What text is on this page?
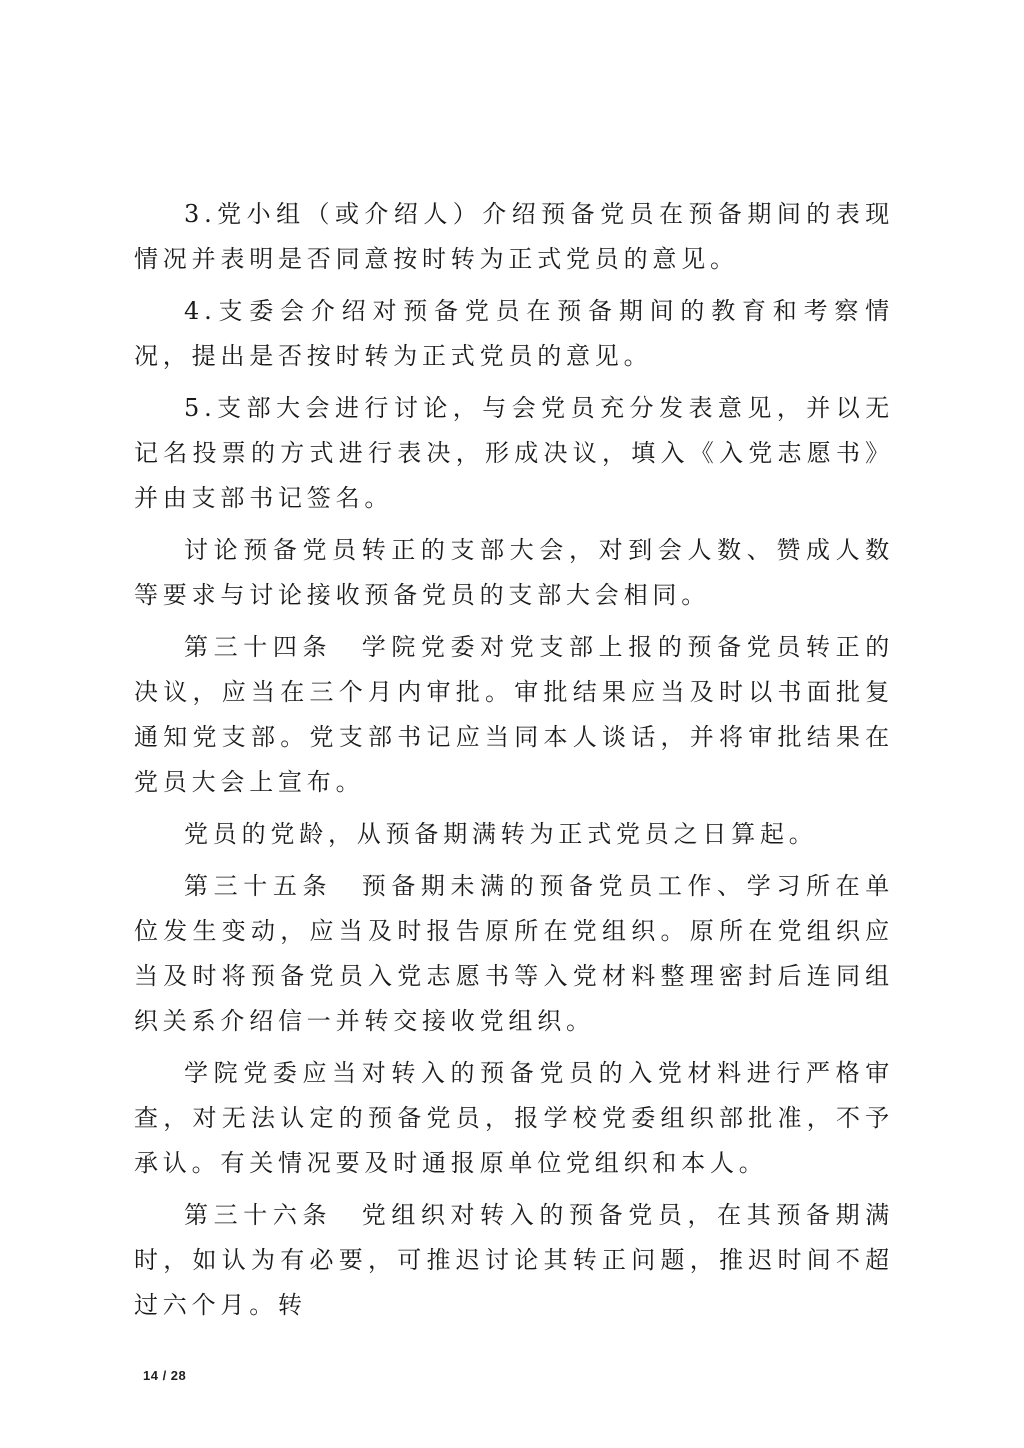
3.党小组（或介绍人）介绍预备党员在预备期间的表现情况并表明是否同意按时转为正式党员的意见。

4.支委会介绍对预备党员在预备期间的教育和考察情况，提出是否按时转为正式党员的意见。

5.支部大会进行讨论，与会党员充分发表意见，并以无记名投票的方式进行表决，形成决议，填入《入党志愿书》并由支部书记签名。

讨论预备党员转正的支部大会，对到会人数、赞成人数等要求与讨论接收预备党员的支部大会相同。

第三十四条　学院党委对党支部上报的预备党员转正的决议，应当在三个月内审批。审批结果应当及时以书面批复通知党支部。党支部书记应当同本人谈话，并将审批结果在党员大会上宣布。

党员的党龄，从预备期满转为正式党员之日算起。

第三十五条　预备期未满的预备党员工作、学习所在单位发生变动，应当及时报告原所在党组织。原所在党组织应当及时将预备党员入党志愿书等入党材料整理密封后连同组织关系介绍信一并转交接收党组织。

学院党委应当对转入的预备党员的入党材料进行严格审查，对无法认定的预备党员，报学校党委组织部批准，不予承认。有关情况要及时通报原单位党组织和本人。

第三十六条　党组织对转入的预备党员，在其预备期满时，如认为有必要，可推迟讨论其转正问题，推迟时间不超过六个月。转

14 / 28
